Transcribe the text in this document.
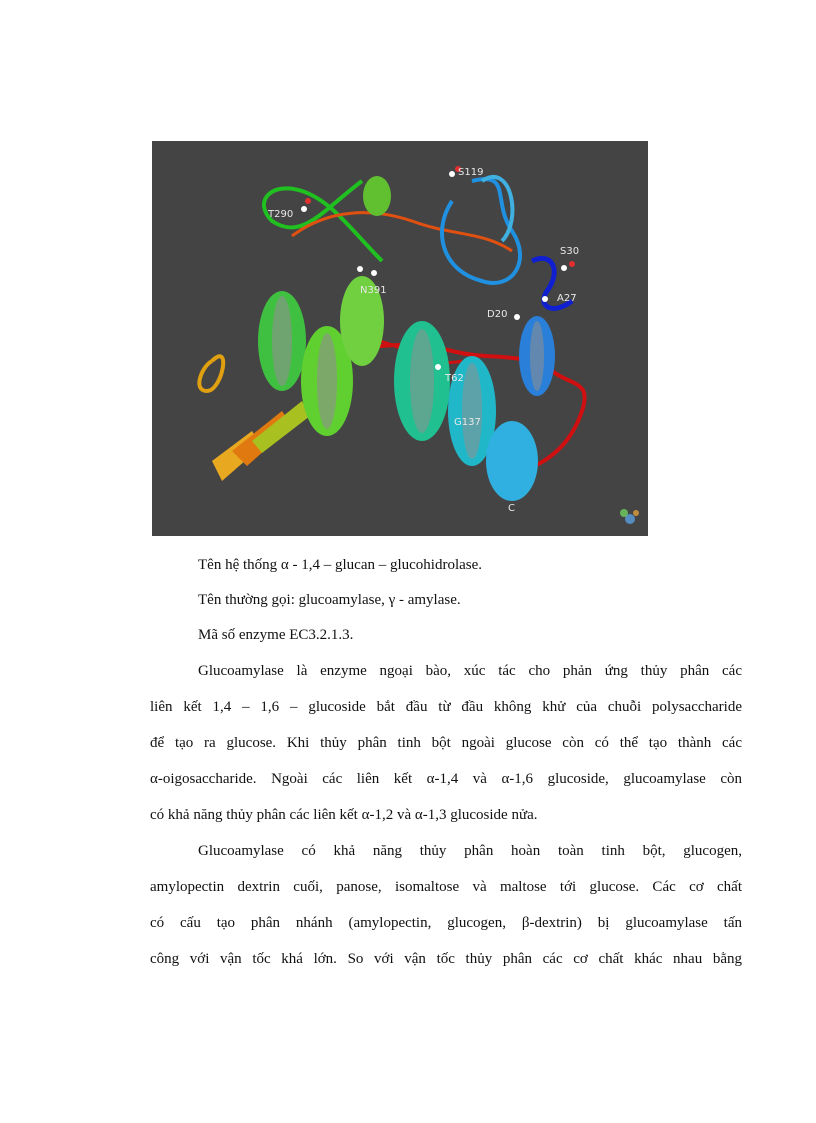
S119
T290
S30
N391
A27
D20
T62
G137
C
Tên hệ thống α - 1,4 – glucan – glucohidrolase.
Tên thường gọi: glucoamylase, γ - amylase.
Mã số enzyme EC3.2.1.3.
Glucoamylase là enzyme ngoại bào, xúc tác cho phản ứng thủy phân các
liên kết 1,4 – 1,6 – glucoside bắt đầu từ đầu không khử của chuỗi polysaccharide
để tạo ra glucose. Khi thủy phân tinh bột ngoài glucose còn có thể tạo thành các
α-oigosaccharide. Ngoài các liên kết α-1,4 và α-1,6 glucoside, glucoamylase còn
có khả năng thủy phân các liên kết α-1,2 và α-1,3 glucoside nửa.
Glucoamylase có khả năng thủy phân hoàn toàn tinh bột, glucogen,
amylopectin dextrin cuối, panose, isomaltose và maltose tới glucose. Các cơ chất
có cấu tạo phân nhánh (amylopectin, glucogen, β-dextrin) bị glucoamylase tấn
công với vận tốc khá lớn. So với vận tốc thủy phân các cơ chất khác nhau bằng
